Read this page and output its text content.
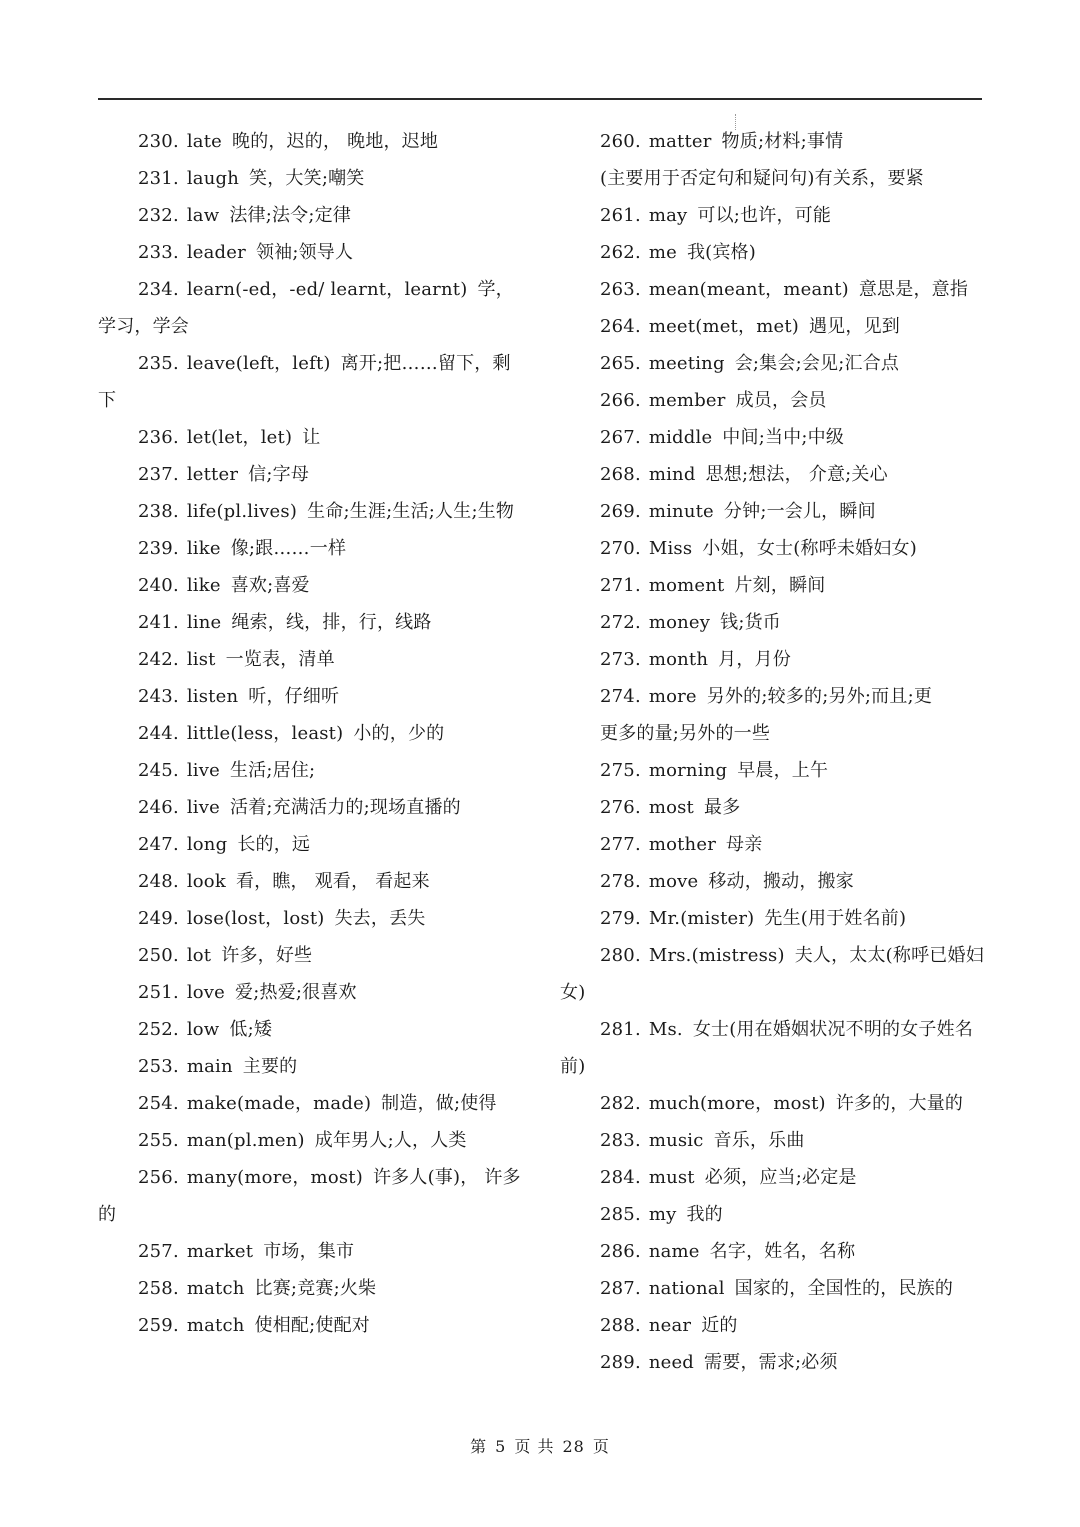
230. late 晚的，迟的， 晚地，迟地
231. laugh 笑，大笑;嘲笑
232. law 法律;法令;定律
233. leader 领袖;领导人
234. learn(-ed，-ed/ learnt，learnt) 学，学习，学会
235. leave(left，left) 离开;把……留下，剩下
236. let(let，let) 让
237. letter 信;字母
238. life(pl.lives) 生命;生涯;生活;人生;生物
239. like 像;跟……一样
240. like 喜欢;喜爱
241. line 绳索，线，排，行，线路
242. list 一览表，清单
243. listen 听，仔细听
244. little(less，least) 小的，少的
245. live 生活;居住;
246. live 活着;充满活力的;现场直播的
247. long 长的，远
248. look 看，瞧， 观看， 看起来
249. lose(lost，lost) 失去，丢失
250. lot 许多，好些
251. love 爱;热爱;很喜欢
252. low 低;矮
253. main 主要的
254. make(made，made) 制造，做;使得
255. man(pl.men) 成年男人;人，人类
256. many(more，most) 许多人(事)， 许多的
257. market 市场，集市
258. match 比赛;竞赛;火柴
259. match 使相配;使配对
260. matter 物质;材料;事情
(主要用于否定句和疑问句)有关系，要紧
261. may 可以;也许，可能
262. me 我(宾格)
263. mean(meant，meant) 意思是，意指
264. meet(met，met) 遇见，见到
265. meeting 会;集会;会见;汇合点
266. member 成员，会员
267. middle 中间;当中;中级
268. mind 思想;想法， 介意;关心
269. minute 分钟;一会儿，瞬间
270. Miss 小姐，女士(称呼未婚妇女)
271. moment 片刻，瞬间
272. money 钱;货币
273. month 月，月份
274. more 另外的;较多的;另外;而且;更
更多的量;另外的一些
275. morning 早晨，上午
276. most 最多
277. mother 母亲
278. move 移动，搬动，搬家
279. Mr.(mister) 先生(用于姓名前)
280. Mrs.(mistress) 夫人，太太(称呼已婚妇女)
281. Ms. 女士(用在婚姻状况不明的女子姓名前)
282. much(more，most) 许多的，大量的
283. music 音乐，乐曲
284. must 必须，应当;必定是
285. my 我的
286. name 名字，姓名，名称
287. national 国家的，全国性的，民族的
288. near 近的
289. need 需要，需求;必须
第 5 页 共 28 页
